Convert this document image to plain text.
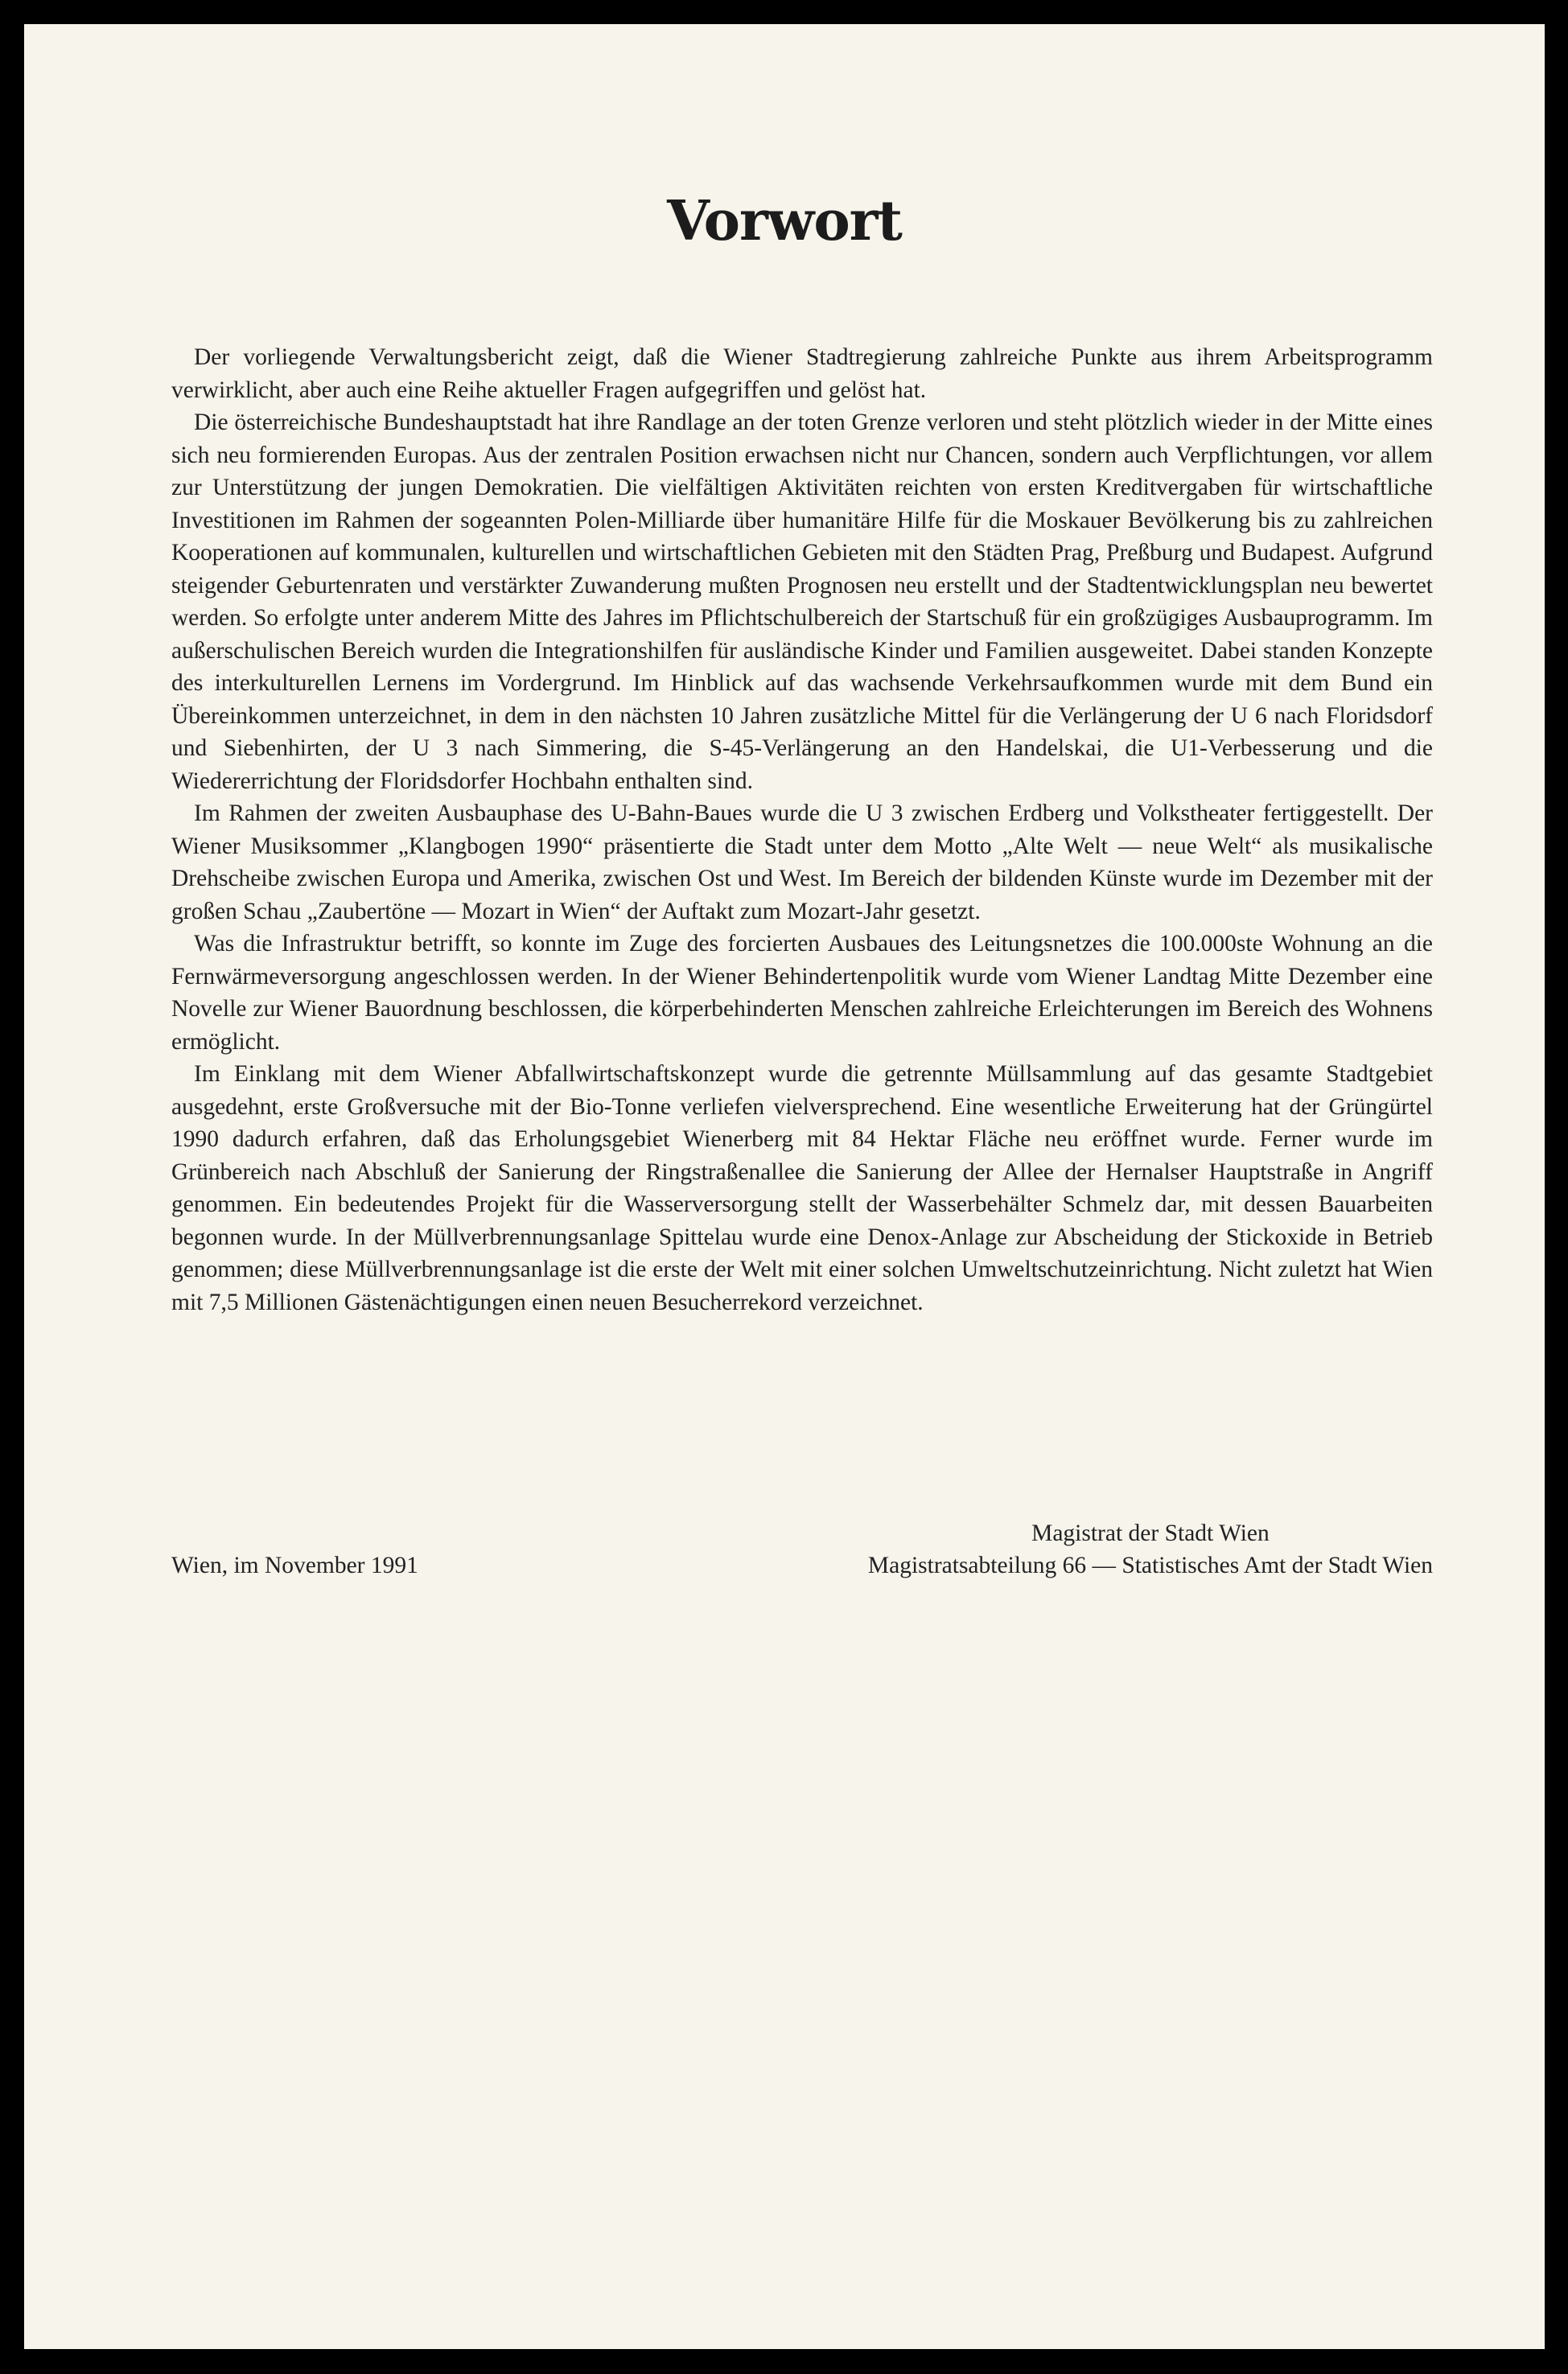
Vorwort

Der vorliegende Verwaltungsbericht zeigt, daß die Wiener Stadtregierung zahlreiche Punkte aus ihrem Arbeitsprogramm verwirklicht, aber auch eine Reihe aktueller Fragen aufgegriffen und gelöst hat.

Die österreichische Bundeshauptstadt hat ihre Randlage an der toten Grenze verloren und steht plötzlich wieder in der Mitte eines sich neu formierenden Europas. Aus der zentralen Position erwachsen nicht nur Chancen, sondern auch Verpflichtungen, vor allem zur Unterstützung der jungen Demokratien. Die vielfältigen Aktivitäten reichten von ersten Kreditvergaben für wirtschaftliche Investitionen im Rahmen der sogeannten Polen-Milliarde über humanitäre Hilfe für die Moskauer Bevölkerung bis zu zahlreichen Kooperationen auf kommunalen, kulturellen und wirtschaftlichen Gebieten mit den Städten Prag, Preßburg und Budapest. Aufgrund steigender Geburtenraten und verstärkter Zuwanderung mußten Prognosen neu erstellt und der Stadtentwicklungsplan neu bewertet werden. So erfolgte unter anderem Mitte des Jahres im Pflichtschulbereich der Startschuß für ein großzügiges Ausbauprogramm. Im außerschulischen Bereich wurden die Integrationshilfen für ausländische Kinder und Familien ausgeweitet. Dabei standen Konzepte des interkulturellen Lernens im Vordergrund. Im Hinblick auf das wachsende Verkehrsaufkommen wurde mit dem Bund ein Übereinkommen unterzeichnet, in dem in den nächsten 10 Jahren zusätzliche Mittel für die Verlängerung der U 6 nach Floridsdorf und Siebenhirten, der U 3 nach Simmering, die S-45-Verlängerung an den Handelskai, die U1-Verbesserung und die Wiedererrichtung der Floridsdorfer Hochbahn enthalten sind.

Im Rahmen der zweiten Ausbauphase des U-Bahn-Baues wurde die U 3 zwischen Erdberg und Volkstheater fertiggestellt. Der Wiener Musiksommer „Klangbogen 1990“ präsentierte die Stadt unter dem Motto „Alte Welt — neue Welt“ als musikalische Drehscheibe zwischen Europa und Amerika, zwischen Ost und West. Im Bereich der bildenden Künste wurde im Dezember mit der großen Schau „Zaubertöne — Mozart in Wien“ der Auftakt zum Mozart-Jahr gesetzt.

Was die Infrastruktur betrifft, so konnte im Zuge des forcierten Ausbaues des Leitungsnetzes die 100.000ste Wohnung an die Fernwärmeversorgung angeschlossen werden. In der Wiener Behindertenpolitik wurde vom Wiener Landtag Mitte Dezember eine Novelle zur Wiener Bauordnung beschlossen, die körperbehinderten Menschen zahlreiche Erleichterungen im Bereich des Wohnens ermöglicht.

Im Einklang mit dem Wiener Abfallwirtschaftskonzept wurde die getrennte Müllsammlung auf das gesamte Stadtgebiet ausgedehnt, erste Großversuche mit der Bio-Tonne verliefen vielversprechend. Eine wesentliche Erweiterung hat der Grüngürtel 1990 dadurch erfahren, daß das Erholungsgebiet Wienerberg mit 84 Hektar Fläche neu eröffnet wurde. Ferner wurde im Grünbereich nach Abschluß der Sanierung der Ringstraßenallee die Sanierung der Allee der Hernalser Hauptstraße in Angriff genommen. Ein bedeutendes Projekt für die Wasserversorgung stellt der Wasserbehälter Schmelz dar, mit dessen Bauarbeiten begonnen wurde. In der Müllverbrennungsanlage Spittelau wurde eine Denox-Anlage zur Abscheidung der Stickoxide in Betrieb genommen; diese Müllverbrennungsanlage ist die erste der Welt mit einer solchen Umweltschutzeinrichtung. Nicht zuletzt hat Wien mit 7,5 Millionen Gästenächtigungen einen neuen Besucherrekord verzeichnet.

Wien, im November 1991
Magistrat der Stadt Wien
Magistratsabteilung 66 — Statistisches Amt der Stadt Wien
